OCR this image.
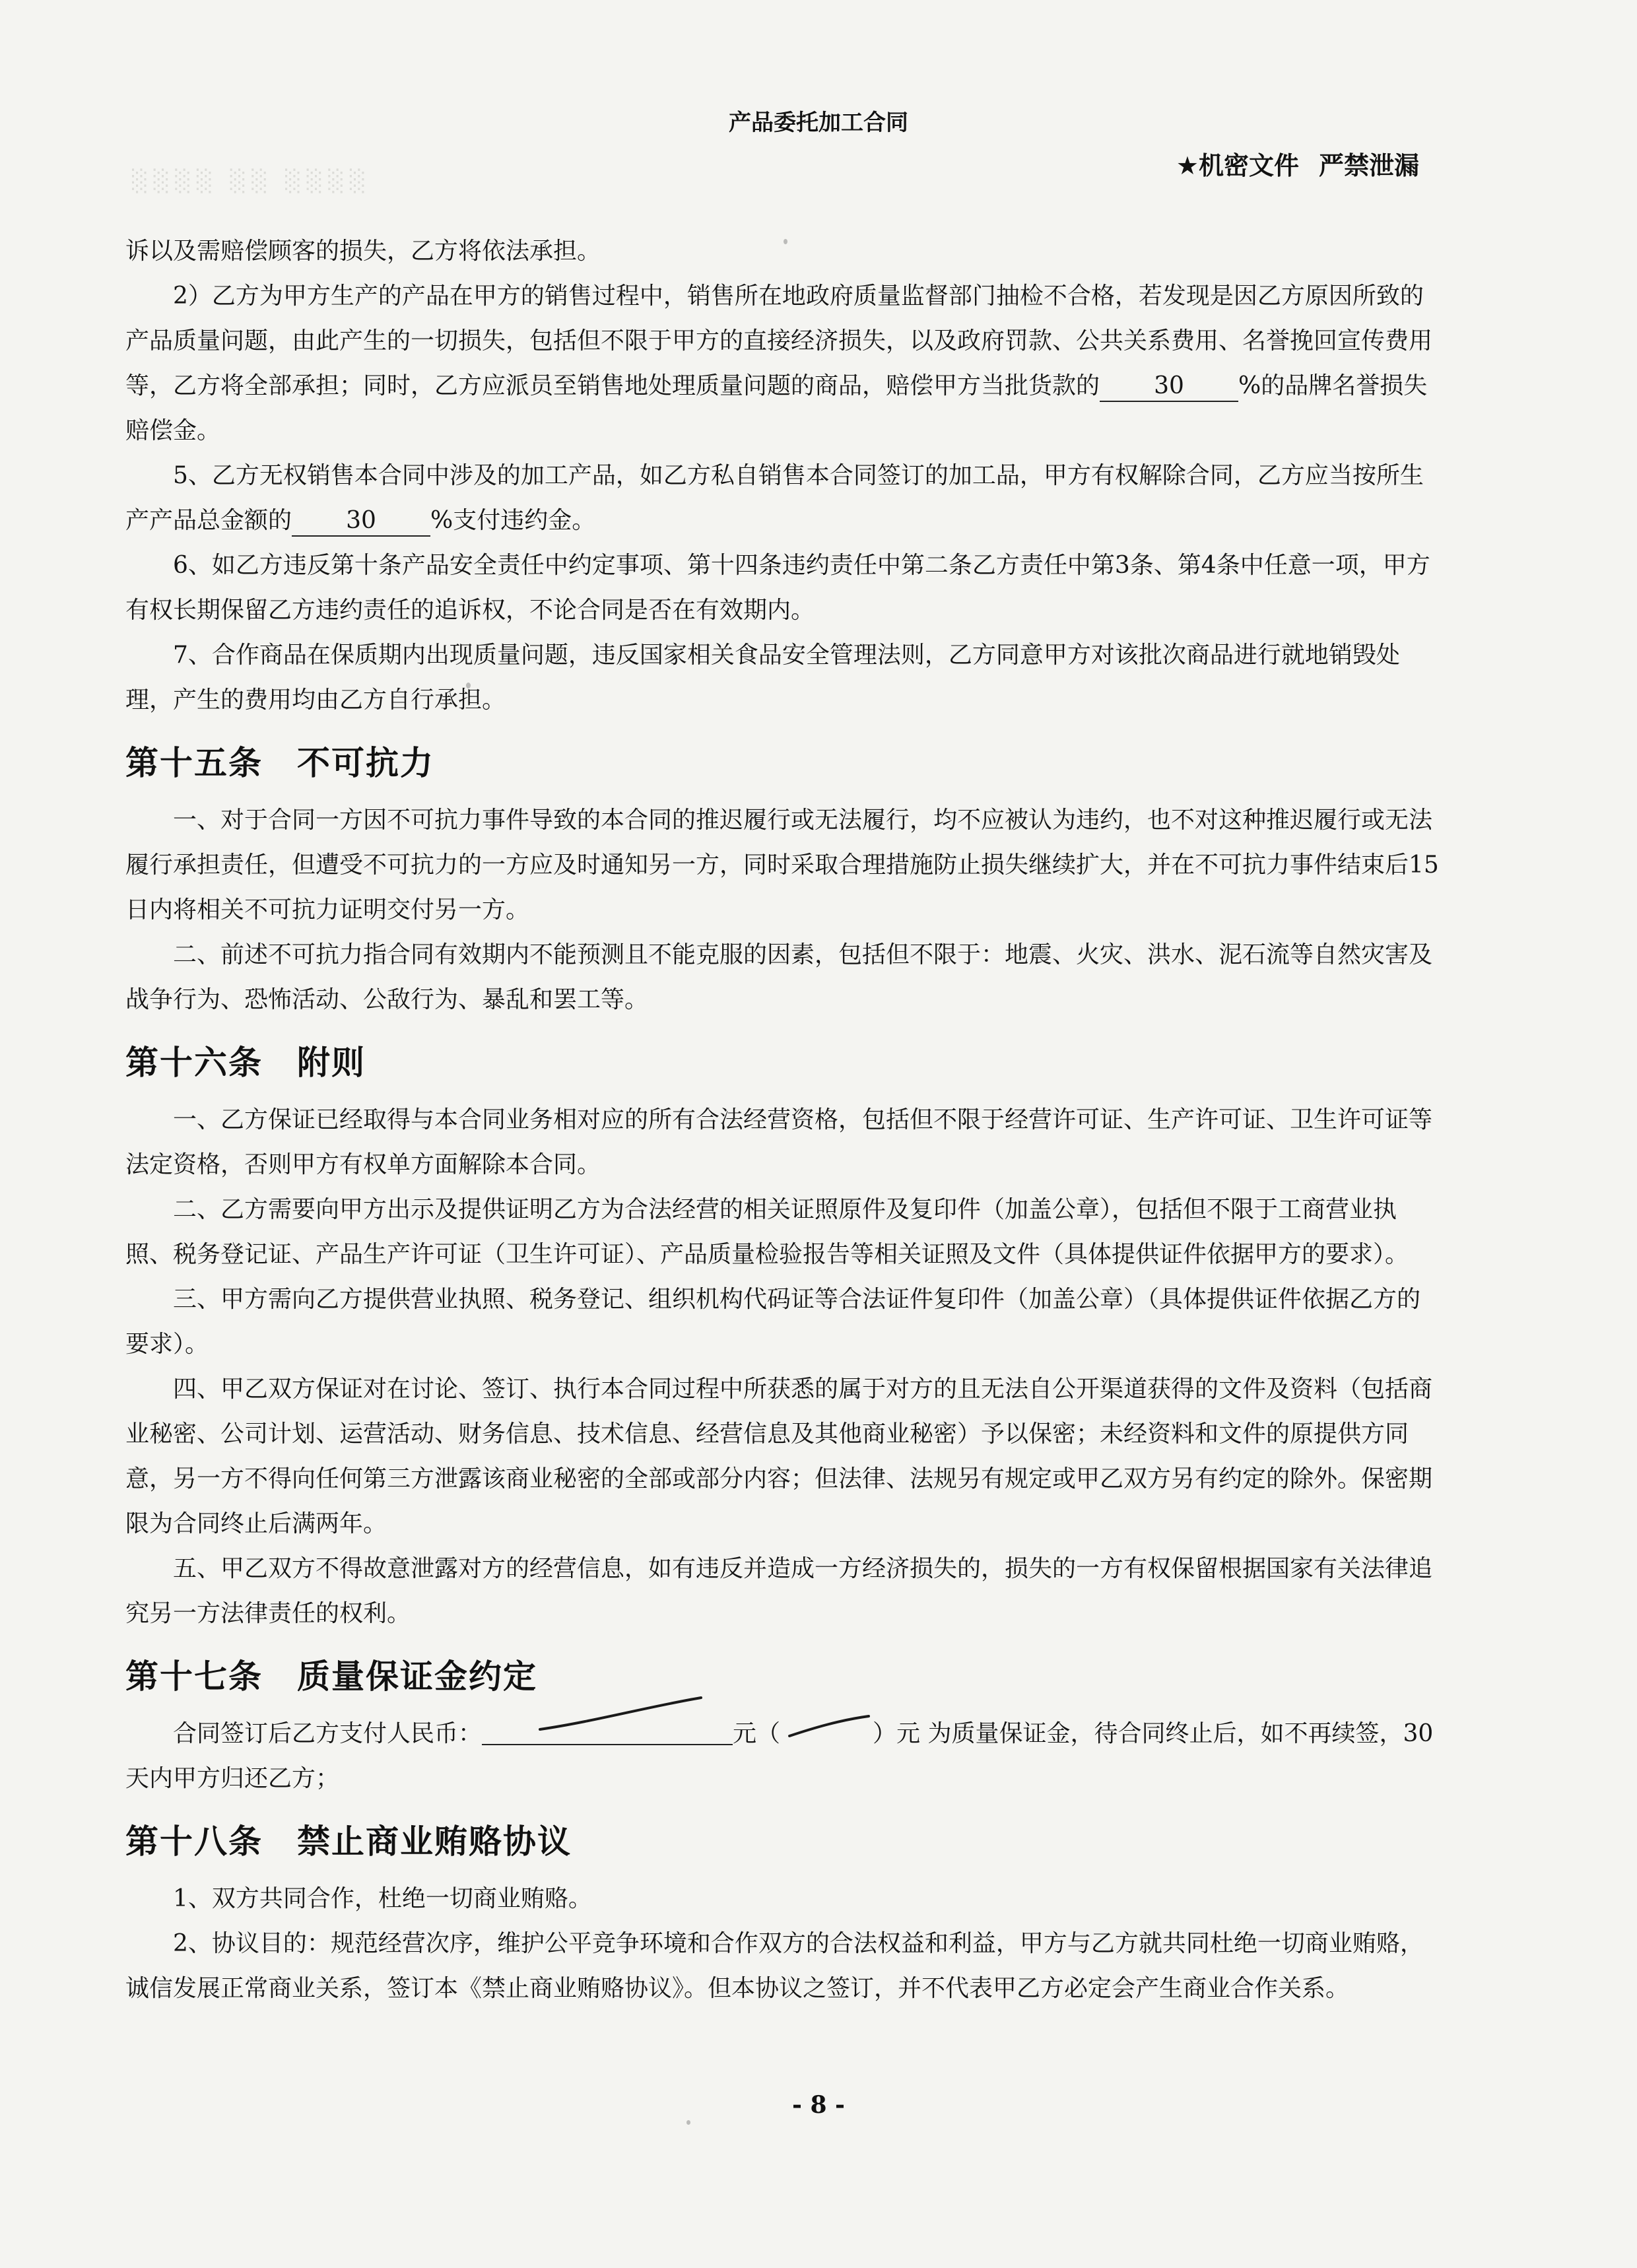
░░░░ ░░ ░░░░
产品委托加工合同
★机密文件 严禁泄漏

诉以及需赔偿顾客的损失，乙方将依法承担。

2）乙方为甲方生产的产品在甲方的销售过程中，销售所在地政府质量监督部门抽检不合格，若发现是因乙方原因所致的产品质量问题，由此产生的一切损失，包括但不限于甲方的直接经济损失，以及政府罚款、公共关系费用、名誉挽回宣传费用等，乙方将全部承担；同时，乙方应派员至销售地处理质量问题的商品，赔偿甲方当批货款的 30 %的品牌名誉损失赔偿金。

5、乙方无权销售本合同中涉及的加工产品，如乙方私自销售本合同签订的加工品，甲方有权解除合同，乙方应当按所生产产品总金额的 30 %支付违约金。

6、如乙方违反第十条产品安全责任中约定事项、第十四条违约责任中第二条乙方责任中第3条、第4条中任意一项，甲方有权长期保留乙方违约责任的追诉权，不论合同是否在有效期内。

7、合作商品在保质期内出现质量问题，违反国家相关食品安全管理法则，乙方同意甲方对该批次商品进行就地销毁处理，产生的费用均由乙方自行承担。

第十五条 不可抗力

一、对于合同一方因不可抗力事件导致的本合同的推迟履行或无法履行，均不应被认为违约，也不对这种推迟履行或无法履行承担责任，但遭受不可抗力的一方应及时通知另一方，同时采取合理措施防止损失继续扩大，并在不可抗力事件结束后15日内将相关不可抗力证明交付另一方。

二、前述不可抗力指合同有效期内不能预测且不能克服的因素，包括但不限于：地震、火灾、洪水、泥石流等自然灾害及战争行为、恐怖活动、公敌行为、暴乱和罢工等。

第十六条 附则

一、乙方保证已经取得与本合同业务相对应的所有合法经营资格，包括但不限于经营许可证、生产许可证、卫生许可证等法定资格，否则甲方有权单方面解除本合同。

二、乙方需要向甲方出示及提供证明乙方为合法经营的相关证照原件及复印件（加盖公章），包括但不限于工商营业执照、税务登记证、产品生产许可证（卫生许可证）、产品质量检验报告等相关证照及文件（具体提供证件依据甲方的要求）。

三、甲方需向乙方提供营业执照、税务登记、组织机构代码证等合法证件复印件（加盖公章）（具体提供证件依据乙方的要求）。

四、甲乙双方保证对在讨论、签订、执行本合同过程中所获悉的属于对方的且无法自公开渠道获得的文件及资料（包括商业秘密、公司计划、运营活动、财务信息、技术信息、经营信息及其他商业秘密）予以保密；未经资料和文件的原提供方同意，另一方不得向任何第三方泄露该商业秘密的全部或部分内容；但法律、法规另有规定或甲乙双方另有约定的除外。保密期限为合同终止后满两年。

五、甲乙双方不得故意泄露对方的经营信息，如有违反并造成一方经济损失的，损失的一方有权保留根据国家有关法律追究另一方法律责任的权利。

第十七条 质量保证金约定

合同签订后乙方支付人民币：	元（	）元 为质量保证金，待合同终止后，如不再续签，30天内甲方归还乙方；

第十八条 禁止商业贿赂协议

1、双方共同合作，杜绝一切商业贿赂。

2、协议目的：规范经营次序，维护公平竞争环境和合作双方的合法权益和利益，甲方与乙方就共同杜绝一切商业贿赂，诚信发展正常商业关系，签订本《禁止商业贿赂协议》。但本协议之签订，并不代表甲乙方必定会产生商业合作关系。

- 8 -
